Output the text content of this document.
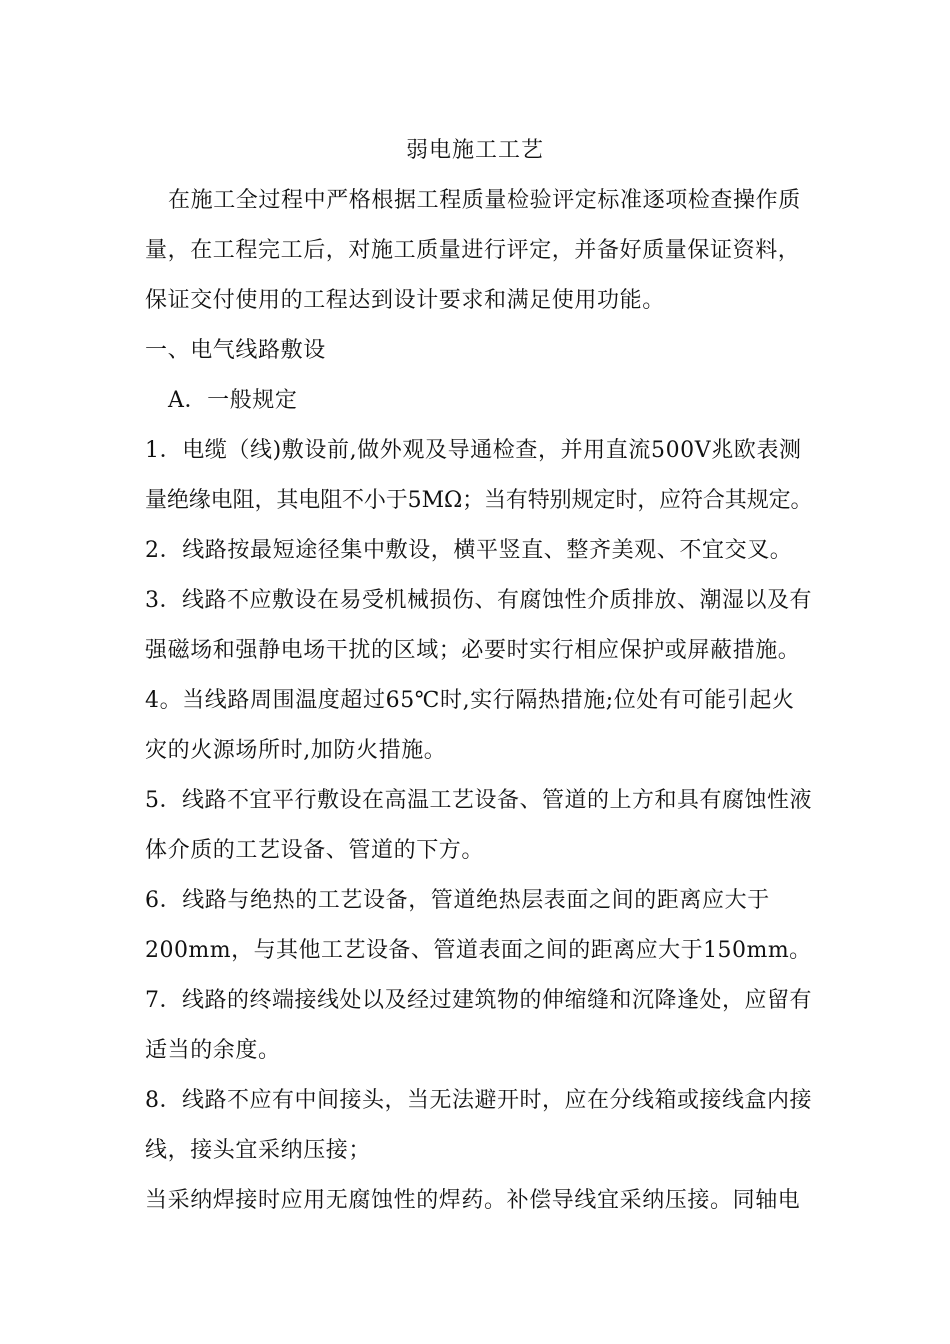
弱电施工工艺
在施工全过程中严格根据工程质量检验评定标准逐项检查操作质
量，在工程完工后，对施工质量进行评定，并备好质量保证资料，
保证交付使用的工程达到设计要求和满足使用功能。
一、电气线路敷设
A．一般规定
1．电缆（线)敷设前,做外观及导通检查，并用直流500V兆欧表测
量绝缘电阻，其电阻不小于5MΩ；当有特别规定时，应符合其规定。
2．线路按最短途径集中敷设，横平竖直、整齐美观、不宜交叉。
3．线路不应敷设在易受机械损伤、有腐蚀性介质排放、潮湿以及有
强磁场和强静电场干扰的区域；必要时实行相应保护或屏蔽措施。
4。当线路周围温度超过65℃时,实行隔热措施;位处有可能引起火
灾的火源场所时,加防火措施。
5．线路不宜平行敷设在高温工艺设备、管道的上方和具有腐蚀性液
体介质的工艺设备、管道的下方。
6．线路与绝热的工艺设备，管道绝热层表面之间的距离应大于
200mm，与其他工艺设备、管道表面之间的距离应大于150mm。
7．线路的终端接线处以及经过建筑物的伸缩缝和沉降逢处，应留有
适当的余度。
8．线路不应有中间接头，当无法避开时，应在分线箱或接线盒内接
线，接头宜采纳压接；
当采纳焊接时应用无腐蚀性的焊药。补偿导线宜采纳压接。同轴电
